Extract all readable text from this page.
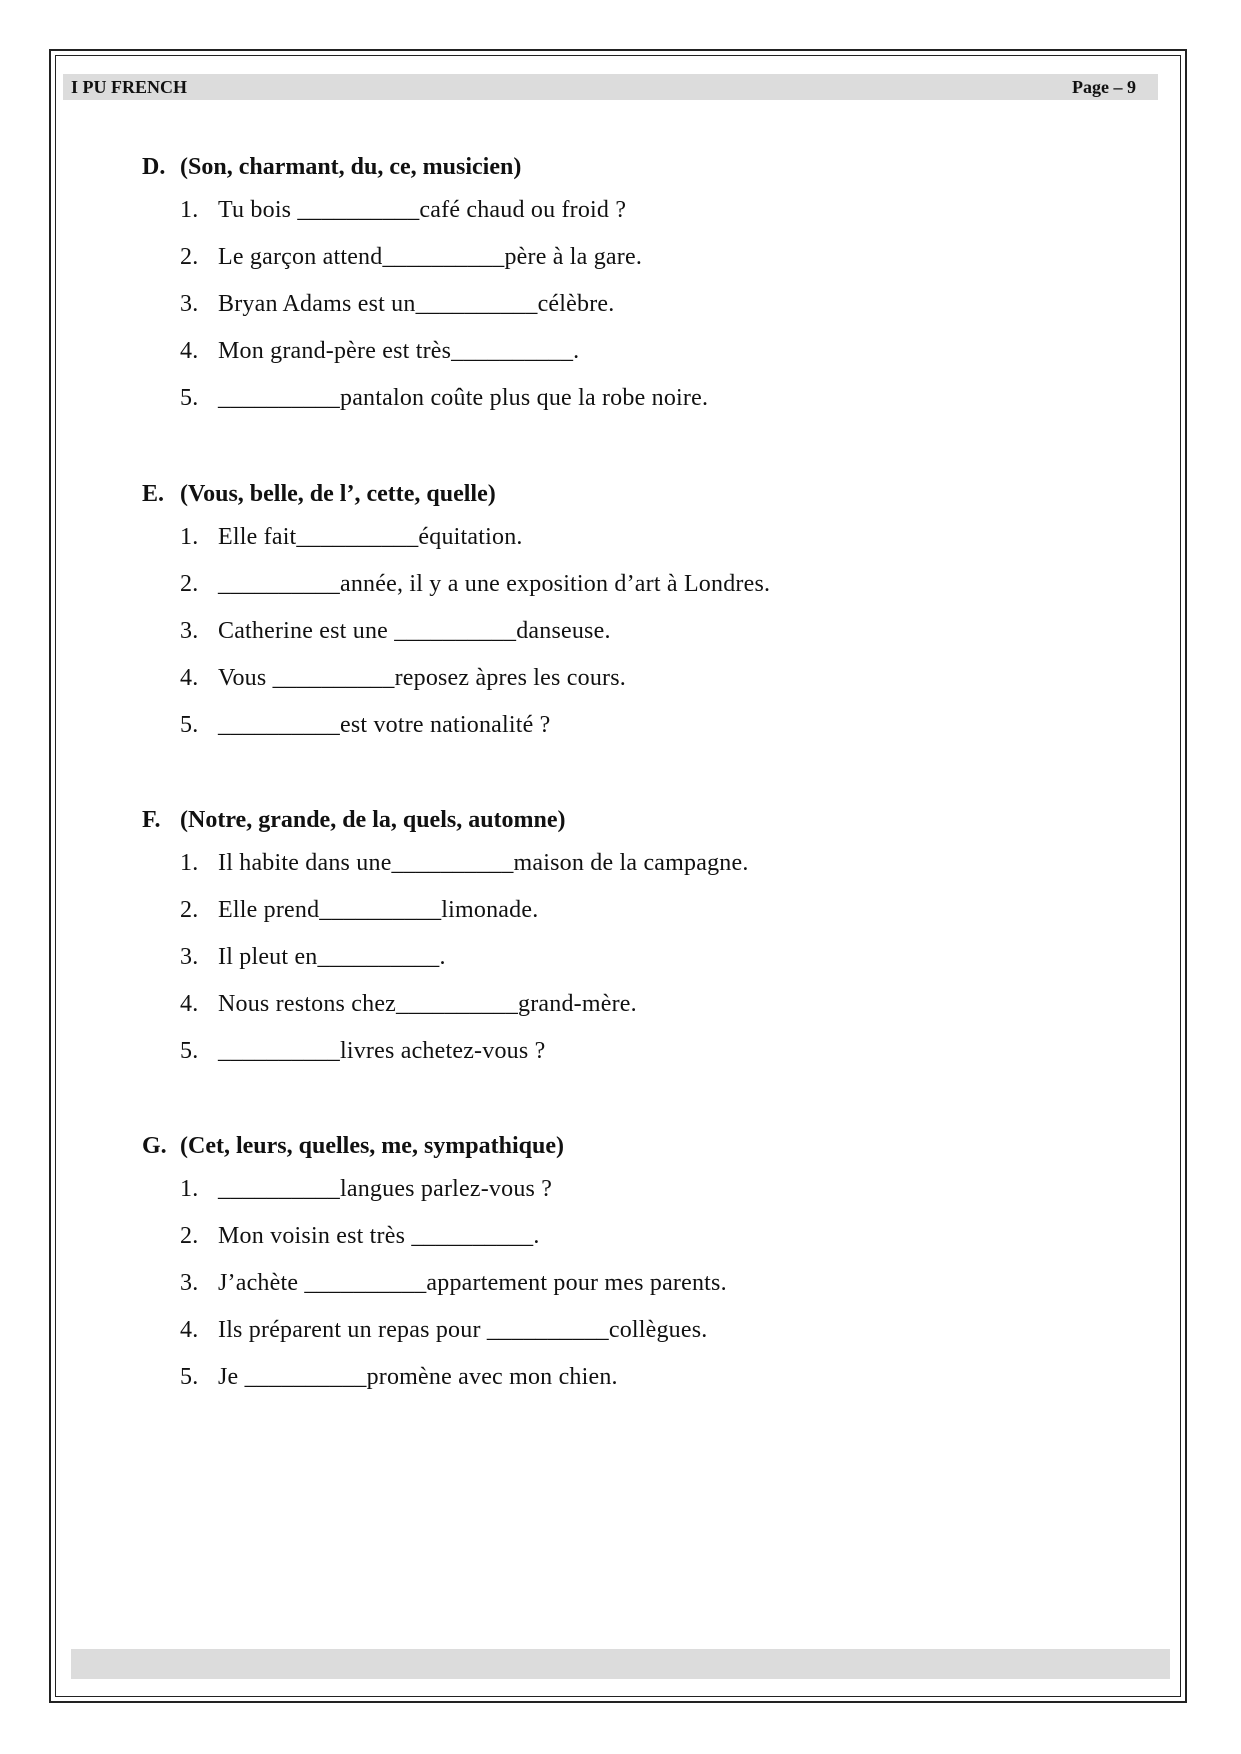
I PU FRENCH	Page – 9
D. (Son, charmant, du, ce, musicien)
1. Tu bois __________café chaud ou froid ?
2. Le garçon attend__________père à la gare.
3. Bryan Adams est un__________célèbre.
4. Mon grand-père est très__________.
5. __________pantalon coûte plus que la robe noire.
E. (Vous, belle, de l’, cette, quelle)
1. Elle fait__________équitation.
2. __________année, il y a une exposition d’art à Londres.
3. Catherine est une __________danseuse.
4. Vous __________reposez àpres les cours.
5. __________est votre nationalité ?
F. (Notre, grande, de la, quels, automne)
1. Il habite dans une__________maison de la campagne.
2. Elle prend__________limonade.
3. Il pleut en__________.
4. Nous restons chez__________grand-mère.
5. __________livres achetez-vous ?
G. (Cet, leurs, quelles, me, sympathique)
1. __________langues parlez-vous ?
2. Mon voisin est très __________.
3. J’achète __________appartement pour mes parents.
4. Ils préparent un repas pour __________collègues.
5. Je __________promène avec mon chien.
